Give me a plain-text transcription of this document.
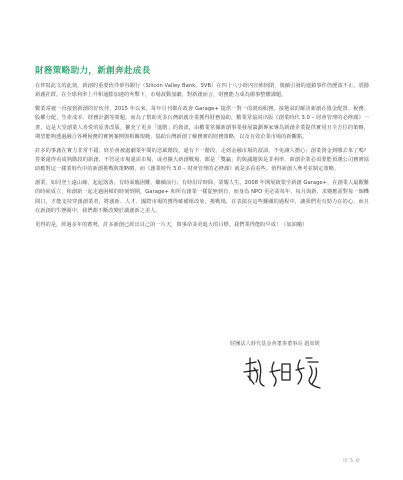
財務策略助力，新創奔赴成長

在拜寫此文的此刻，新創的重要伙伴矽谷銀行（Silicon Valley Bank，SVB）在四十八小時內宣佈倒閉，後續引發的連鎖事件仍歷波不止，震撼新創社群。在全球利率上升和通膨加速的夾擊下，市場波動加劇，對新創而言，財務能力成為備事整體課題。

數業常被一直接到新創的好伙伴，2015 年以來，每年月刊都在政會 Garage+ 提供一對一的諮商服務，接地氣的解決新創在資金配置、稅務、股權分配、生產成本、財務計劃等問題。而為了幫助更多台灣新創企業獲得財務協助，數業常協同出版《創業時代 3.0 – 財會管理的必修課》一書，這是大受創業人喜愛的原書改版，擴充了更多「進階」的資訊，由數業常據新創事業發展籌劃專家專為新創企業提供實用且全方位的策略，期望能夠透過融合各種稅務的實例案例與相關規範，協助台灣新創了解務實的財務策略，以及有效企業市場的新觀點。

許多的事創在實力非常不錯，終於會被處劇業年間的悲風階段，還有下一階段，走到金融市場的波濤，不免讓人擔心；創業資金到哪去來了嗎？答案還得看成熟階段的新創，不管是市場還需市場，或者擴大新創戰場，都是「雙贏」的與議題與是非利率，新創企業必須要能預測公司務實協助應對這一樣業時代中的新創挑戰與策略略。而《創業時代 3.0 – 財會管理的必修課》就是多看看些。值得新創人參考並制定策略。

創業，如同登上遠山巔，起起落落，有時面臨困難，繼續前行；有時沿岸時除，榮耀人生。2008 年開展啟蒙全新創 Garage+，在創業人最艱難的時候成立，和創新一起走過困頓的時刻到期，Garage+ 和所有創業一樣從無到有，而身為 NPO 更必需每年，每月與新，求變應需對每一個機間口，才能支持穿創創業者，將創新、人才、國際市場的獲得確備組改象，挑戰場，在表演在這些難關的過程中，讓我們更有勁力在的心，而且在新創的生態圈中，我們都不斷改變於調創新之美人。

更得的是，經過多年的蓄勢，許多新創已經出目己的一片天，與事命並更進大的目標。我們業得能盼早成！（加油哦）

財團法人時代基金會董事董事長 趙如媛

序 5 ©
